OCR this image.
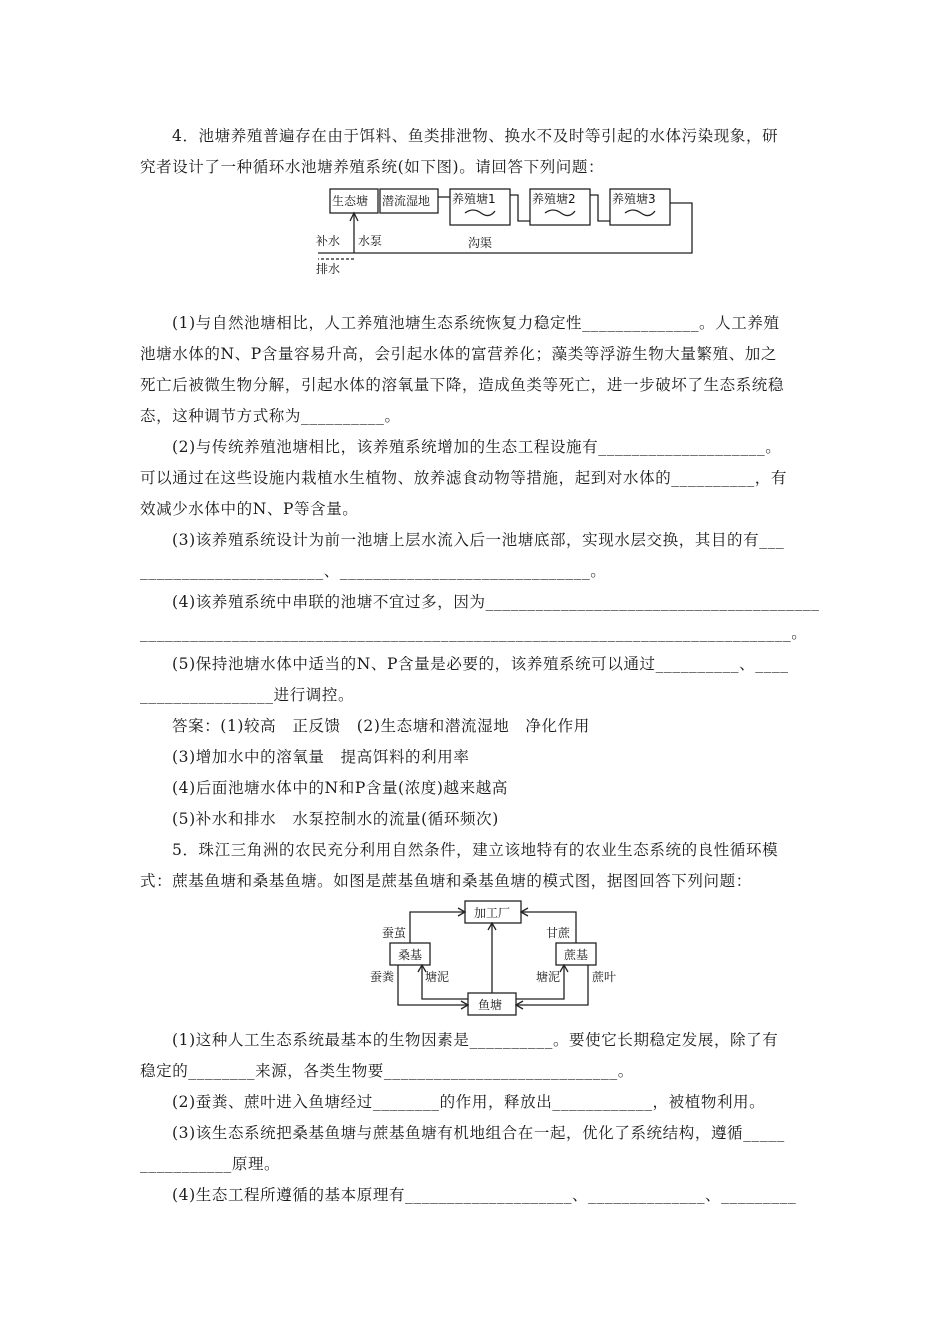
4．池塘养殖普遍存在由于饵料、鱼类排泄物、换水不及时等引起的水体污染现象，研
究者设计了一种循环水池塘养殖系统(如下图)。请回答下列问题：
生态塘 潜流湿地 养殖塘1	养殖塘2	养殖塘3
水泵	沟渠
补水
排水
(1)与自然池塘相比，人工养殖池塘生态系统恢复力稳定性______________。人工养殖
池塘水体的N、P含量容易升高，会引起水体的富营养化；藻类等浮游生物大量繁殖、加之
死亡后被微生物分解，引起水体的溶氧量下降，造成鱼类等死亡，进一步破坏了生态系统稳
态，这种调节方式称为__________。
(2)与传统养殖池塘相比，该养殖系统增加的生态工程设施有____________________。
可以通过在这些设施内栽植水生植物、放养滤食动物等措施，起到对水体的__________，有
效减少水体中的N、P等含量。
(3)该养殖系统设计为前一池塘上层水流入后一池塘底部，实现水层交换，其目的有___
______________________、______________________________。
(4)该养殖系统中串联的池塘不宜过多，因为________________________________________
______________________________________________________________________________。
(5)保持池塘水体中适当的N、P含量是必要的，该养殖系统可以通过__________、____
________________进行调控。
答案：(1)较高　正反馈　(2)生态塘和潜流湿地　净化作用
(3)增加水中的溶氧量　提高饵料的利用率
(4)后面池塘水体中的N和P含量(浓度)越来越高
(5)补水和排水　水泵控制水的流量(循环频次)
5．珠江三角洲的农民充分利用自然条件，建立该地特有的农业生态系统的良性循环模
式：蔗基鱼塘和桑基鱼塘。如图是蔗基鱼塘和桑基鱼塘的模式图，据图回答下列问题：
加工厂
桑基	蔗基
鱼塘
蚕茧	甘蔗
蚕粪	塘泥	塘泥	蔗叶
(1)这种人工生态系统最基本的生物因素是__________。要使它长期稳定发展，除了有
稳定的________来源，各类生物要____________________________。
(2)蚕粪、蔗叶进入鱼塘经过________的作用，释放出____________，被植物利用。
(3)该生态系统把桑基鱼塘与蔗基鱼塘有机地组合在一起，优化了系统结构，遵循_____
___________原理。
(4)生态工程所遵循的基本原理有____________________、______________、_________
